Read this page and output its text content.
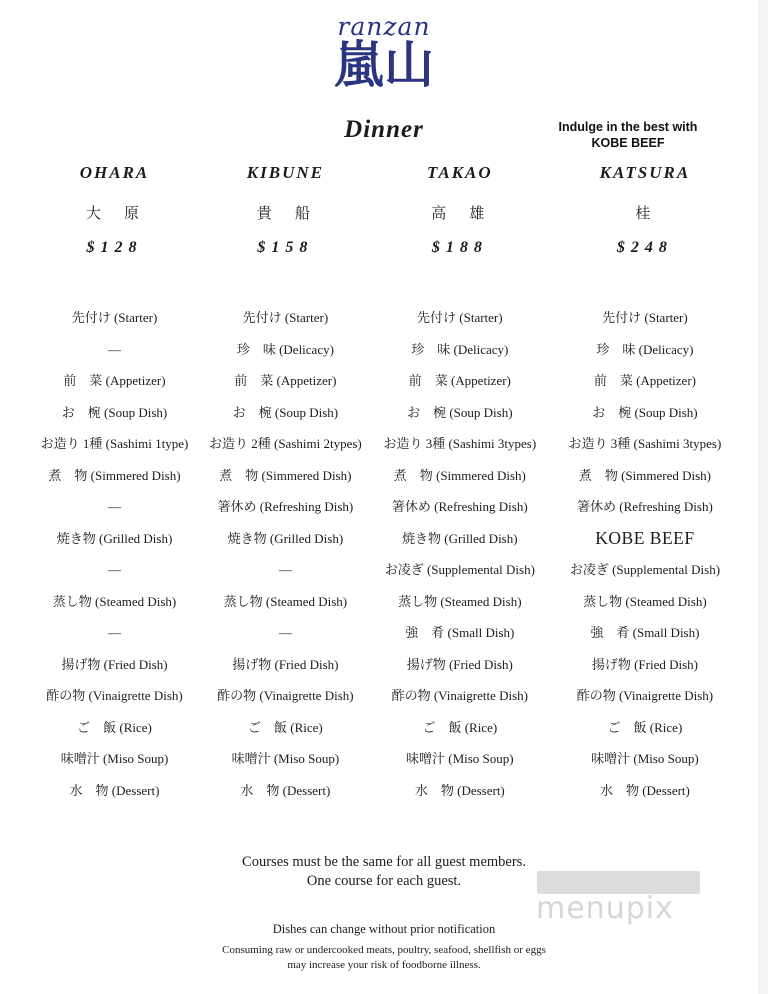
ranzan
嵐山
Dinner	Indulge in the best with
KOBE BEEF
OHARA
大　原
$128
先付け (Starter)
—
前　菜 (Appetizer)
お　椀 (Soup Dish)
お造り 1種 (Sashimi 1type)
煮　物 (Simmered Dish)
—
焼き物 (Grilled Dish)
—
蒸し物 (Steamed Dish)
—
揚げ物 (Fried Dish)
酢の物 (Vinaigrette Dish)
ご　飯 (Rice)
味噌汁 (Miso Soup)
水　物 (Dessert)
KIBUNE
貴　船
$158
先付け (Starter)
珍　味 (Delicacy)
前　菜 (Appetizer)
お　椀 (Soup Dish)
お造り 2種 (Sashimi 2types)
煮　物 (Simmered Dish)
箸休め (Refreshing Dish)
焼き物 (Grilled Dish)
—
蒸し物 (Steamed Dish)
—
揚げ物 (Fried Dish)
酢の物 (Vinaigrette Dish)
ご　飯 (Rice)
味噌汁 (Miso Soup)
水　物 (Dessert)
TAKAO
高　雄
$188
先付け (Starter)
珍　味 (Delicacy)
前　菜 (Appetizer)
お　椀 (Soup Dish)
お造り 3種 (Sashimi 3types)
煮　物 (Simmered Dish)
箸休め (Refreshing Dish)
焼き物 (Grilled Dish)
お凌ぎ (Supplemental Dish)
蒸し物 (Steamed Dish)
強　肴 (Small Dish)
揚げ物 (Fried Dish)
酢の物 (Vinaigrette Dish)
ご　飯 (Rice)
味噌汁 (Miso Soup)
水　物 (Dessert)
KATSURA
桂
$248
先付け (Starter)
珍　味 (Delicacy)
前　菜 (Appetizer)
お　椀 (Soup Dish)
お造り 3種 (Sashimi 3types)
煮　物 (Simmered Dish)
箸休め (Refreshing Dish)
KOBE BEEF
お凌ぎ (Supplemental Dish)
蒸し物 (Steamed Dish)
強　肴 (Small Dish)
揚げ物 (Fried Dish)
酢の物 (Vinaigrette Dish)
ご　飯 (Rice)
味噌汁 (Miso Soup)
水　物 (Dessert)
Courses must be the same for all guest members.
One course for each guest.
Dishes can change without prior notification
Consuming raw or undercooked meats, poultry, seafood, shellfish or eggs
may increase your risk of foodborne illness.
menupix
